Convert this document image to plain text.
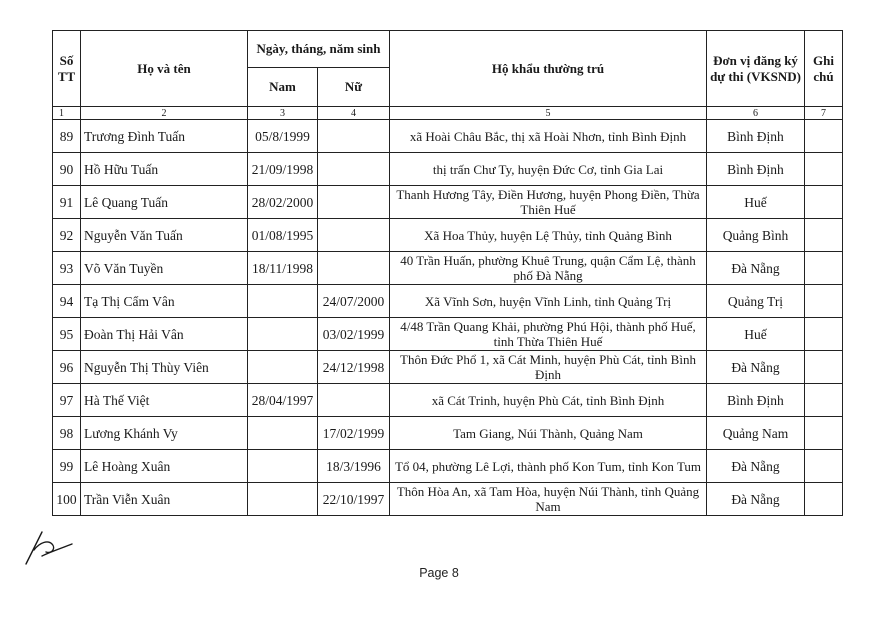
Số TT	Họ và tên	Ngày, tháng, năm sinh		Hộ khẩu thường trú	Đơn vị đăng ký dự thi (VKSND)	Ghi chú
		Nam	Nữ			
1	2	3	4	5	6	7
89	Trương Đình Tuấn	05/8/1999		xã Hoài Châu Bắc, thị xã Hoài Nhơn, tỉnh Bình Định	Bình Định	
90	Hồ Hữu Tuấn	21/09/1998		thị trấn Chư Ty, huyện Đức Cơ, tỉnh Gia Lai	Bình Định	
91	Lê Quang Tuấn	28/02/2000		Thanh Hương Tây, Điền Hương, huyện Phong Điền, Thừa Thiên Huế	Huế	
92	Nguyễn Văn Tuấn	01/08/1995		Xã Hoa Thủy, huyện Lệ Thủy, tỉnh Quảng Bình	Quảng Bình	
93	Võ Văn Tuyền	18/11/1998		40 Trần Huấn, phường Khuê Trung, quận Cẩm Lệ, thành phố Đà Nẵng	Đà Nẵng	
94	Tạ Thị Cẩm Vân		24/07/2000	Xã Vĩnh Sơn, huyện Vĩnh Linh, tỉnh Quảng Trị	Quảng Trị	
95	Đoàn Thị Hải Vân		03/02/1999	4/48 Trần Quang Khải, phường Phú Hội, thành phố Huế, tỉnh Thừa Thiên Huế	Huế	
96	Nguyễn Thị Thùy Viên		24/12/1998	Thôn Đức Phổ 1, xã Cát Minh, huyện Phù Cát, tỉnh Bình Định	Đà Nẵng	
97	Hà Thế Việt	28/04/1997		xã Cát Trinh, huyện Phù Cát, tỉnh Bình Định	Bình Định	
98	Lương Khánh Vy		17/02/1999	Tam Giang, Núi Thành, Quảng Nam	Quảng Nam	
99	Lê Hoàng Xuân		18/3/1996	Tổ 04, phường Lê Lợi, thành phố Kon Tum, tỉnh Kon Tum	Đà Nẵng	
100	Trần Viễn Xuân		22/10/1997	Thôn Hòa An, xã Tam Hòa, huyện Núi Thành, tỉnh Quảng Nam	Đà Nẵng	
Page 8
